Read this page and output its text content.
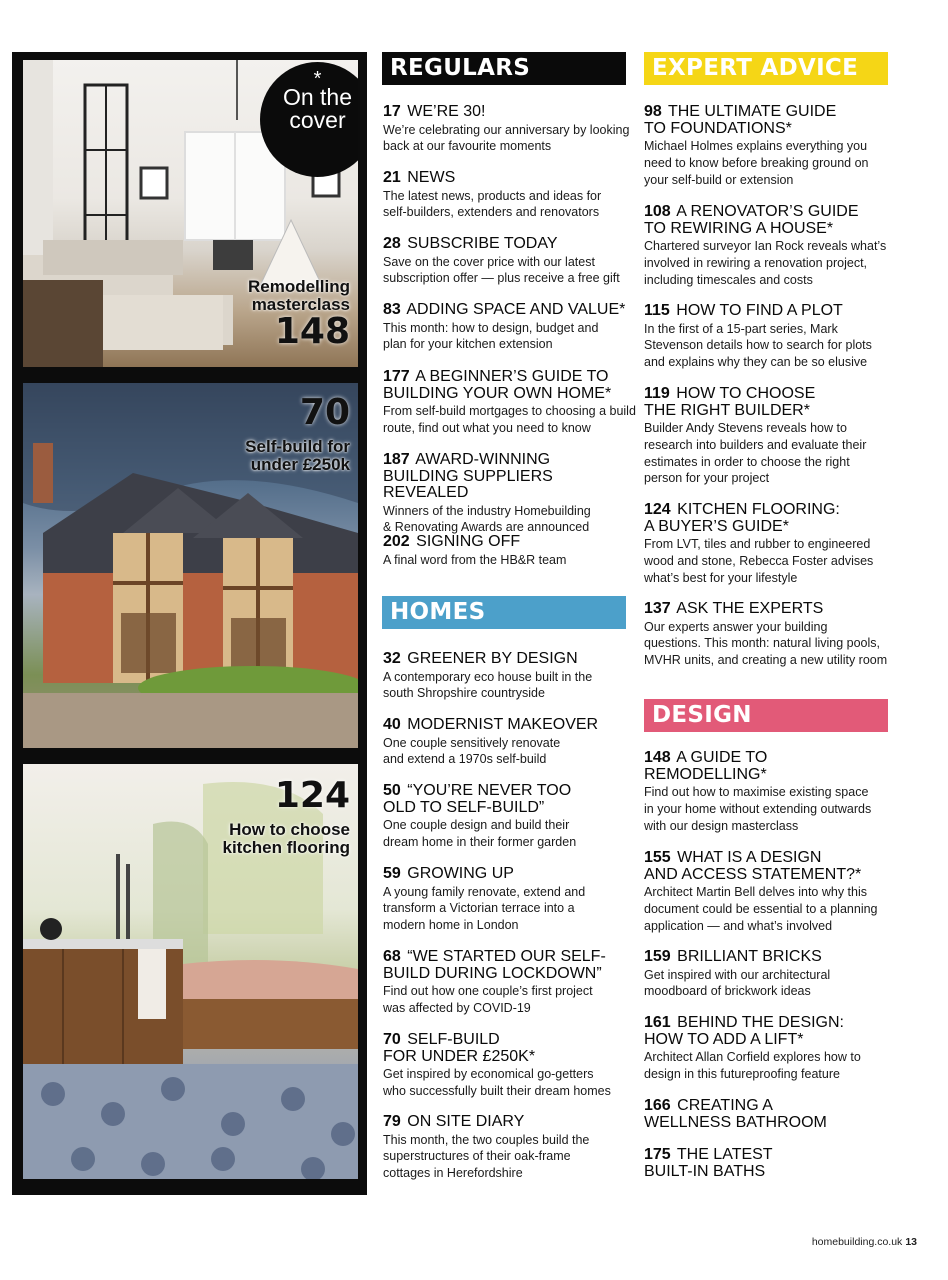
*
On the
cover
Remodelling
masterclass
148
70
Self-build for
under £250k
124
How to choose
kitchen flooring
REGULARS
HOMES
EXPERT ADVICE
DESIGN
17 WE’RE 30!
We’re celebrating our anniversary by looking
back at our favourite moments
21 NEWS
The latest news, products and ideas for
self-builders, extenders and renovators
28 SUBSCRIBE TODAY
Save on the cover price with our latest
subscription offer — plus receive a free gift
83 ADDING SPACE AND VALUE*
This month: how to design, budget and
plan for your kitchen extension
177 A BEGINNER’S GUIDE TO
BUILDING YOUR OWN HOME*
From self-build mortgages to choosing a build
route, find out what you need to know
187 AWARD-WINNING
BUILDING SUPPLIERS REVEALED
Winners of the industry Homebuilding
& Renovating Awards are announced
202 SIGNING OFF
A final word from the HB&R team
32 GREENER BY DESIGN
A contemporary eco house built in the
south Shropshire countryside
40 MODERNIST MAKEOVER
One couple sensitively renovate
and extend a 1970s self-build
50 “YOU’RE NEVER TOO
OLD TO SELF-BUILD”
One couple design and build their
dream home in their former garden
59 GROWING UP
A young family renovate, extend and
transform a Victorian terrace into a
modern home in London
68 “WE STARTED OUR SELF-
BUILD DURING LOCKDOWN”
Find out how one couple’s first project
was affected by COVID-19
70 SELF-BUILD
FOR UNDER £250K*
Get inspired by economical go-getters
who successfully built their dream homes
79 ON SITE DIARY
This month, the two couples build the
superstructures of their oak-frame
cottages in Herefordshire
98 THE ULTIMATE GUIDE
TO FOUNDATIONS*
Michael Holmes explains everything you
need to know before breaking ground on
your self-build or extension
108 A RENOVATOR’S GUIDE
TO REWIRING A HOUSE*
Chartered surveyor Ian Rock reveals what’s
involved in rewiring a renovation project,
including timescales and costs
115 HOW TO FIND A PLOT
In the first of a 15-part series, Mark
Stevenson details how to search for plots
and explains why they can be so elusive
119 HOW TO CHOOSE
THE RIGHT BUILDER*
Builder Andy Stevens reveals how to
research into builders and evaluate their
estimates in order to choose the right
person for your project
124 KITCHEN FLOORING:
A BUYER’S GUIDE*
From LVT, tiles and rubber to engineered
wood and stone, Rebecca Foster advises
what’s best for your lifestyle
137 ASK THE EXPERTS
Our experts answer your building
questions. This month: natural living pools,
MVHR units, and creating a new utility room
148 A GUIDE TO
REMODELLING*
Find out how to maximise existing space
in your home without extending outwards
with our design masterclass
155 WHAT IS A DESIGN
AND ACCESS STATEMENT?*
Architect Martin Bell delves into why this
document could be essential to a planning
application — and what’s involved
159 BRILLIANT BRICKS
Get inspired with our architectural
moodboard of brickwork ideas
161 BEHIND THE DESIGN:
HOW TO ADD A LIFT*
Architect Allan Corfield explores how to
design in this futureproofing feature
166 CREATING A
WELLNESS BATHROOM
175 THE LATEST
BUILT-IN BATHS
homebuilding.co.uk 13
